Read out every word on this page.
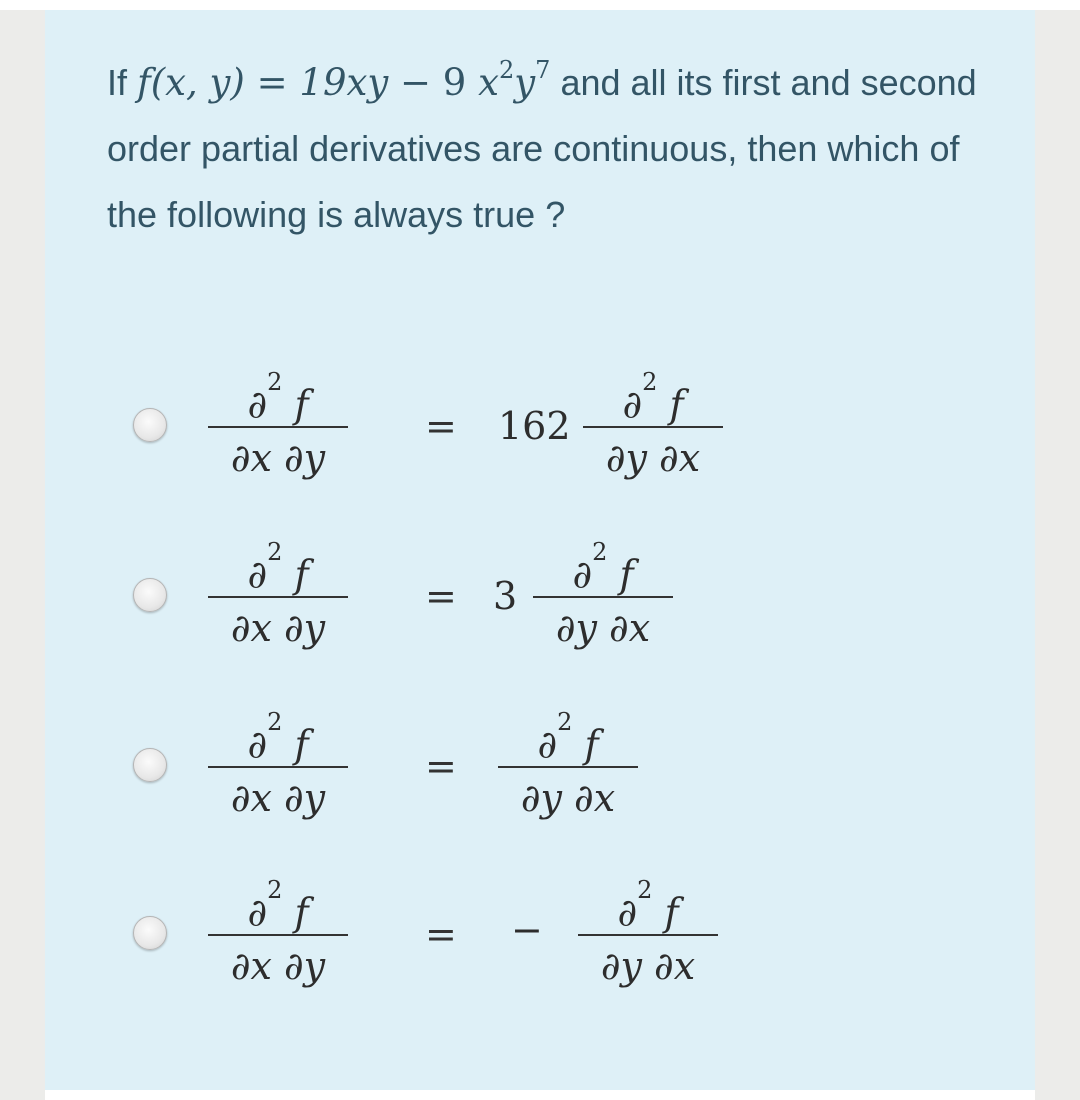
If f(x, y) = 19xy − 9 $x^2y^7$ and all its first and second order partial derivatives are continuous, then which of the following is always true ?
∂$^2$ f
∂x ∂y
= 162	∂$^2$ f
∂y ∂x
∂$^2$ f
∂x ∂y
= 3	∂$^2$ f
∂y ∂x
∂$^2$ f
∂x ∂y
=	∂$^2$ f
∂y ∂x
∂$^2$ f
∂x ∂y
= −	∂$^2$ f
∂y ∂x
